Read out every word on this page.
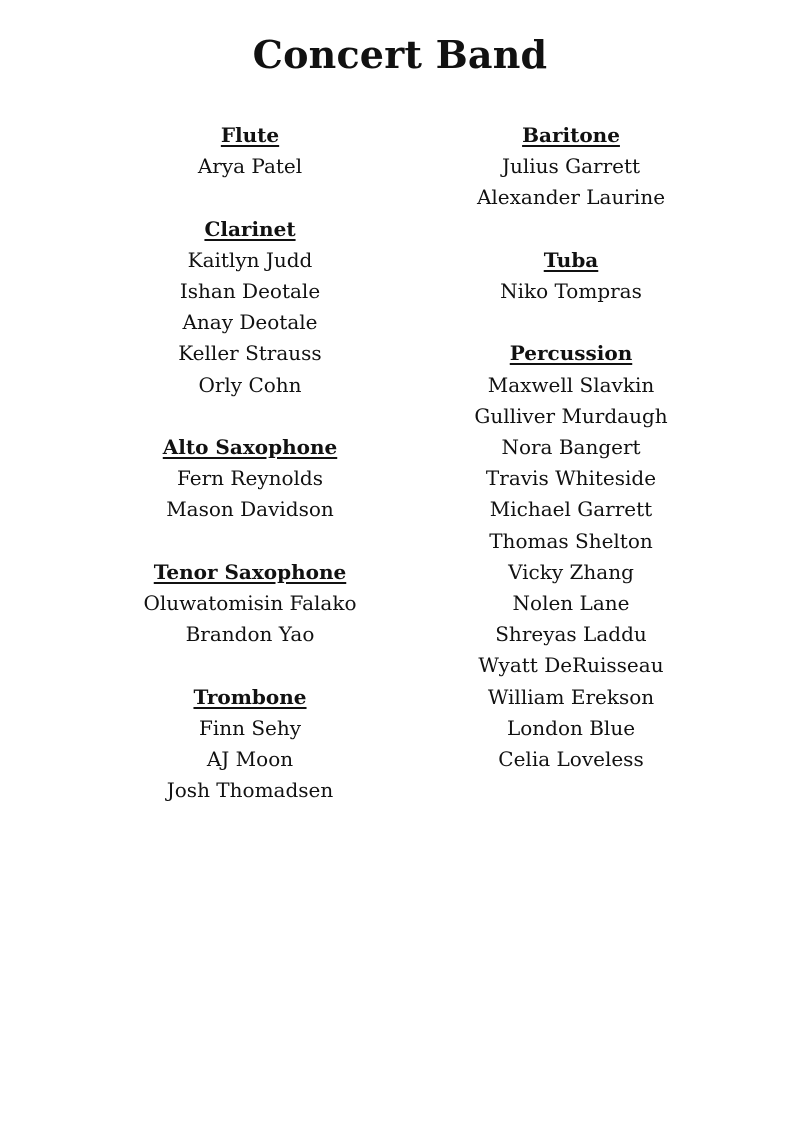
Concert Band
Flute
Arya Patel
Clarinet
Kaitlyn Judd
Ishan Deotale
Anay Deotale
Keller Strauss
Orly Cohn
Alto Saxophone
Fern Reynolds
Mason Davidson
Tenor Saxophone
Oluwatomisin Falako
Brandon Yao
Trombone
Finn Sehy
AJ Moon
Josh Thomadsen
Baritone
Julius Garrett
Alexander Laurine
Tuba
Niko Tompras
Percussion
Maxwell Slavkin
Gulliver Murdaugh
Nora Bangert
Travis Whiteside
Michael Garrett
Thomas Shelton
Vicky Zhang
Nolen Lane
Shreyas Laddu
Wyatt DeRuisseau
William Erekson
London Blue
Celia Loveless
